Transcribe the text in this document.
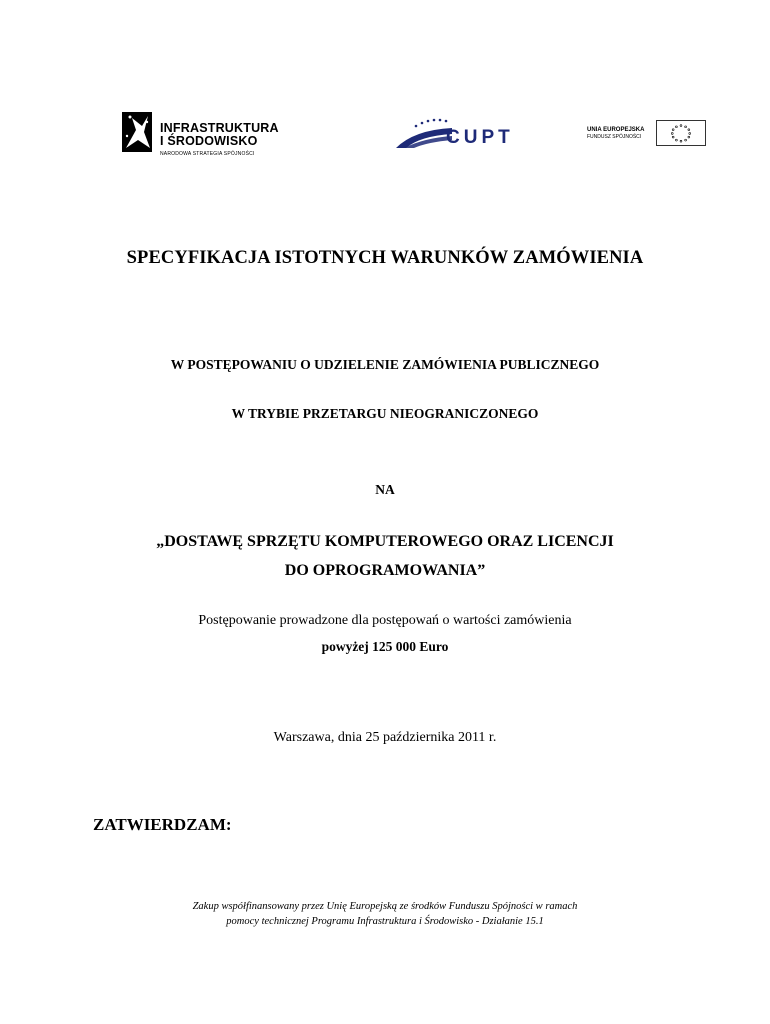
INFRASTRUKTURA
I ŚRODOWISKO
NARODOWA STRATEGIA SPÓJNOŚCI
CUPT	UNIA EUROPEJSKA
FUNDUSZ SPÓJNOŚCI
SPECYFIKACJA ISTOTNYCH WARUNKÓW ZAMÓWIENIA
W POSTĘPOWANIU O UDZIELENIE ZAMÓWIENIA PUBLICZNEGO
W TRYBIE PRZETARGU NIEOGRANICZONEGO
NA
„DOSTAWĘ SPRZĘTU KOMPUTEROWEGO ORAZ LICENCJI
DO OPROGRAMOWANIA”
Postępowanie prowadzone dla postępowań o wartości zamówienia
powyżej 125 000 Euro
Warszawa, dnia 25 października 2011 r.
ZATWIERDZAM:
Zakup współfinansowany przez Unię Europejską ze środków Funduszu Spójności w ramach
pomocy technicznej Programu Infrastruktura i Środowisko - Działanie 15.1
